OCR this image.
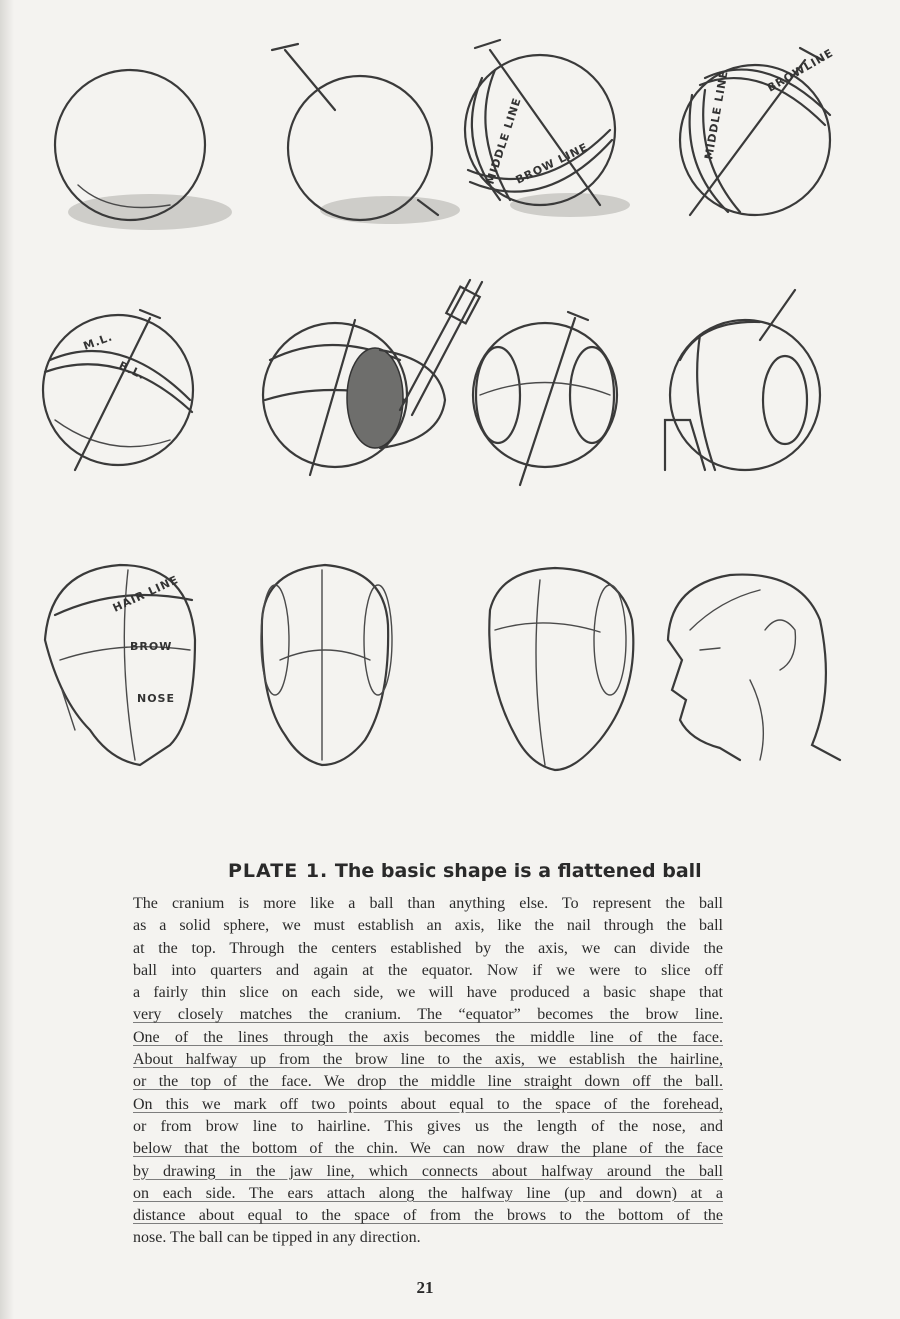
MIDDLE LINE
BROW LINE
MIDDLE LINE	BROWLINE
M.L.
B.L.
HAIR LINE
BROW
NOSE
PLATE 1. The basic shape is a flattened ball
The cranium is more like a ball than anything else. To represent the ball
as a solid sphere, we must establish an axis, like the nail through the ball
at the top. Through the centers established by the axis, we can divide the
ball into quarters and again at the equator. Now if we were to slice off
a fairly thin slice on each side, we will have produced a basic shape that
very closely matches the cranium. The “equator” becomes the brow line.
One of the lines through the axis becomes the middle line of the face.
About halfway up from the brow line to the axis, we establish the hairline,
or the top of the face. We drop the middle line straight down off the ball.
On this we mark off two points about equal to the space of the forehead,
or from brow line to hairline. This gives us the length of the nose, and
below that the bottom of the chin. We can now draw the plane of the face
by drawing in the jaw line, which connects about halfway around the ball
on each side. The ears attach along the halfway line (up and down) at a
distance about equal to the space of from the brows to the bottom of the
nose. The ball can be tipped in any direction.
21
